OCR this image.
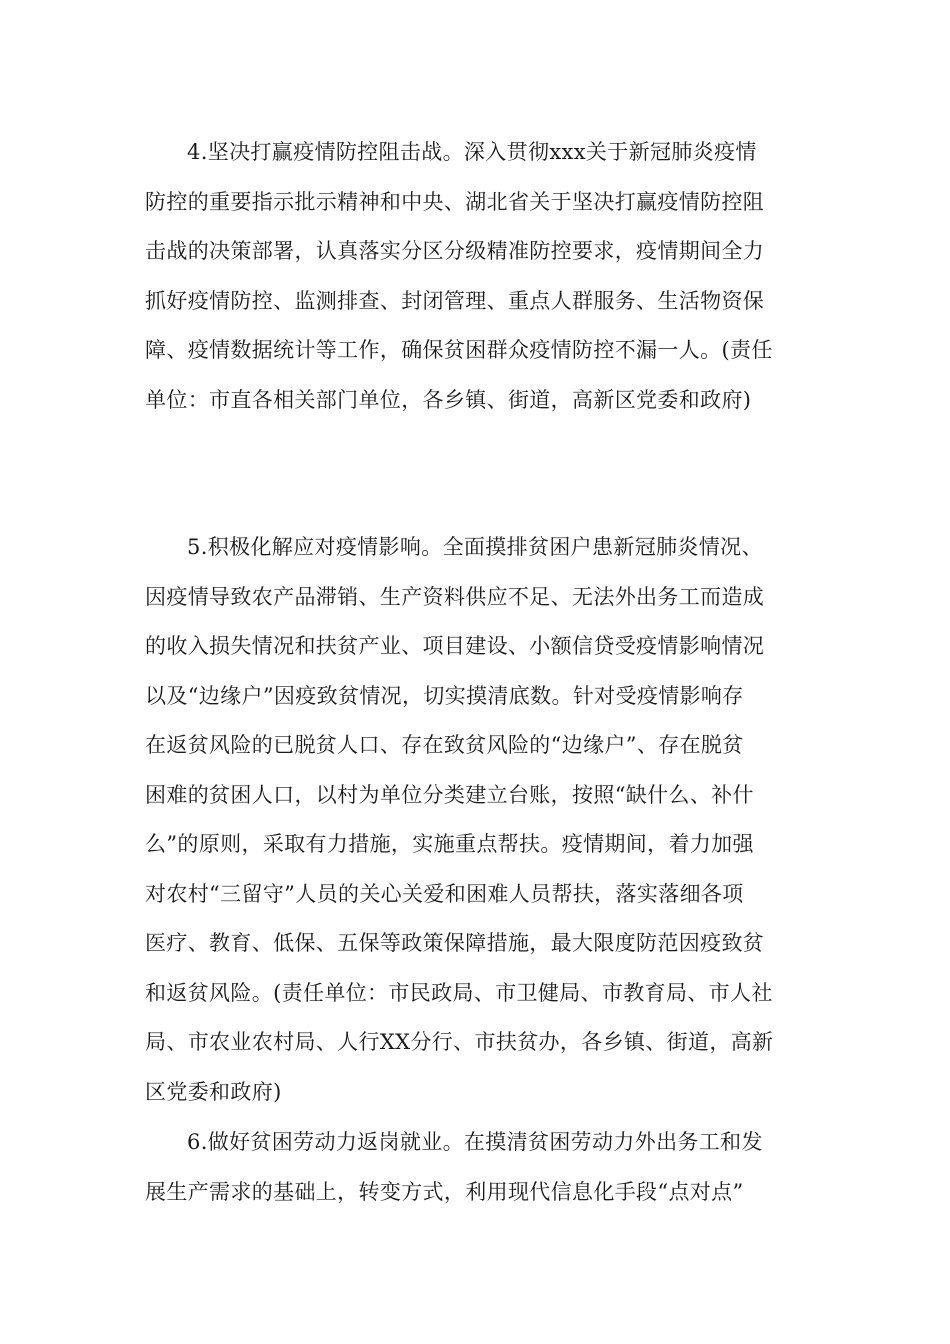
4.坚决打赢疫情防控阻击战。深入贯彻xxx关于新冠肺炎疫情
防控的重要指示批示精神和中央、湖北省关于坚决打赢疫情防控阻
击战的决策部署，认真落实分区分级精准防控要求，疫情期间全力
抓好疫情防控、监测排查、封闭管理、重点人群服务、生活物资保
障、疫情数据统计等工作，确保贫困群众疫情防控不漏一人。(责任
单位：市直各相关部门单位，各乡镇、街道，高新区党委和政府)
5.积极化解应对疫情影响。全面摸排贫困户患新冠肺炎情况、
因疫情导致农产品滞销、生产资料供应不足、无法外出务工而造成
的收入损失情况和扶贫产业、项目建设、小额信贷受疫情影响情况
以及“边缘户”因疫致贫情况，切实摸清底数。针对受疫情影响存
在返贫风险的已脱贫人口、存在致贫风险的“边缘户”、存在脱贫
困难的贫困人口，以村为单位分类建立台账，按照“缺什么、补什
么”的原则，采取有力措施，实施重点帮扶。疫情期间，着力加强
对农村“三留守”人员的关心关爱和困难人员帮扶，落实落细各项
医疗、教育、低保、五保等政策保障措施，最大限度防范因疫致贫
和返贫风险。(责任单位：市民政局、市卫健局、市教育局、市人社
局、市农业农村局、人行XX分行、市扶贫办，各乡镇、街道，高新
区党委和政府)
6.做好贫困劳动力返岗就业。在摸清贫困劳动力外出务工和发
展生产需求的基础上，转变方式，利用现代信息化手段“点对点”
